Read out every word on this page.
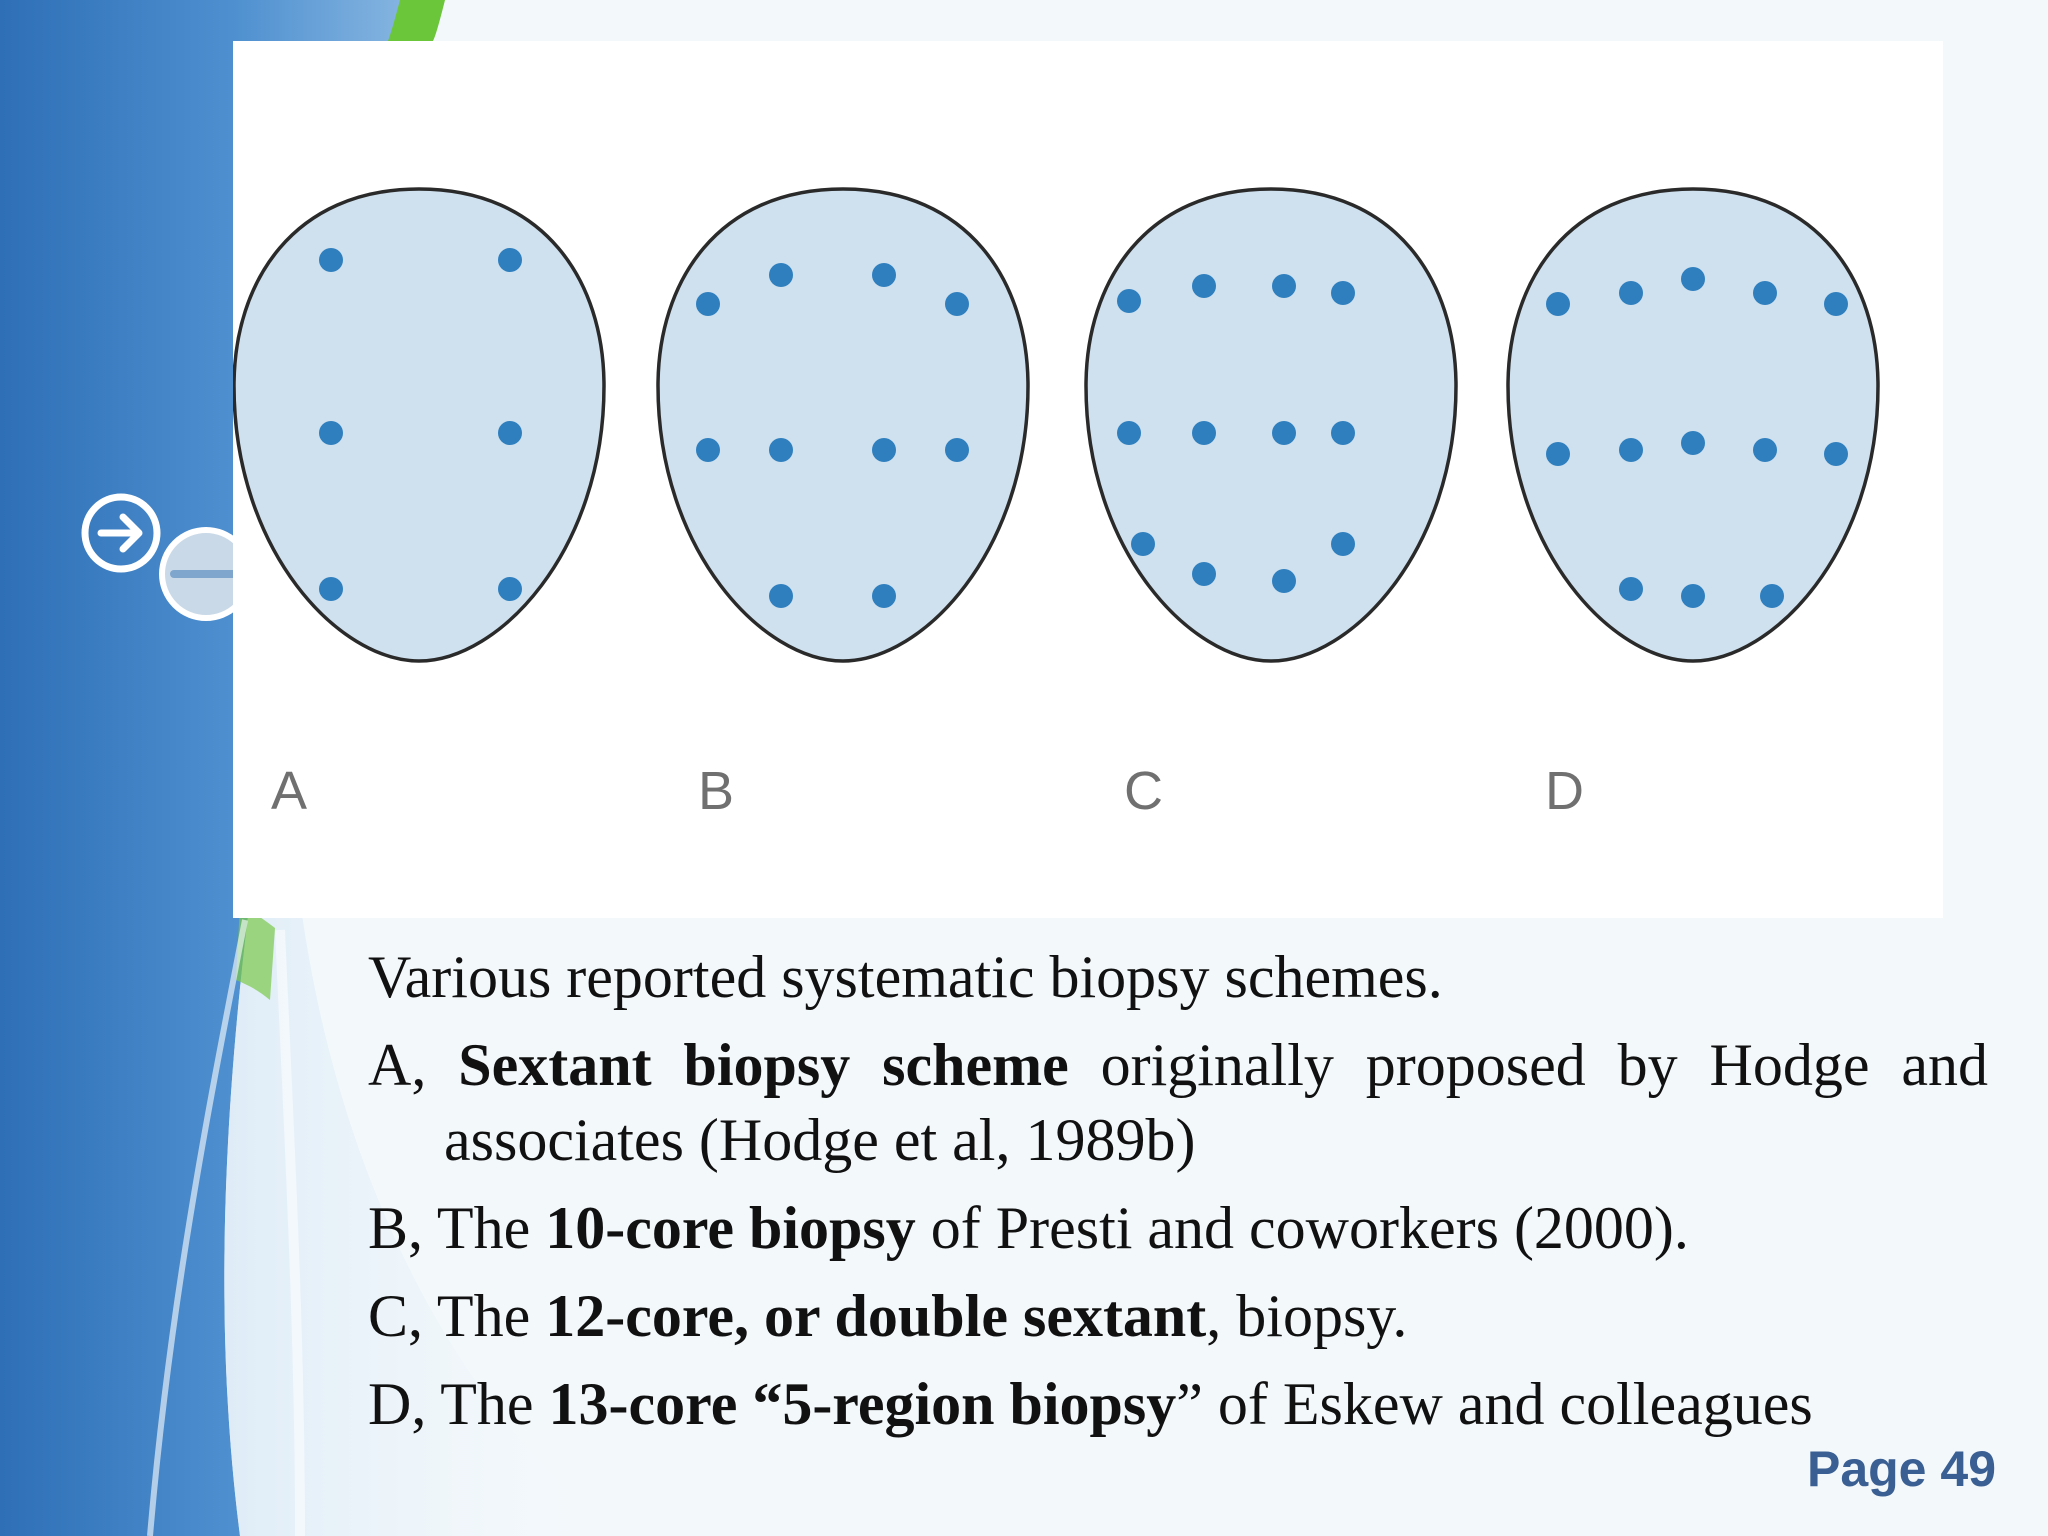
A	B	C	D

Various reported systematic biopsy schemes.

A, Sextant biopsy scheme originally proposed by Hodge and associates (Hodge et al, 1989b)

B, The 10-core biopsy of Presti and coworkers (2000).

C, The 12-core, or double sextant, biopsy.

D, The 13-core “5-region biopsy” of Eskew and colleagues

Page 49
